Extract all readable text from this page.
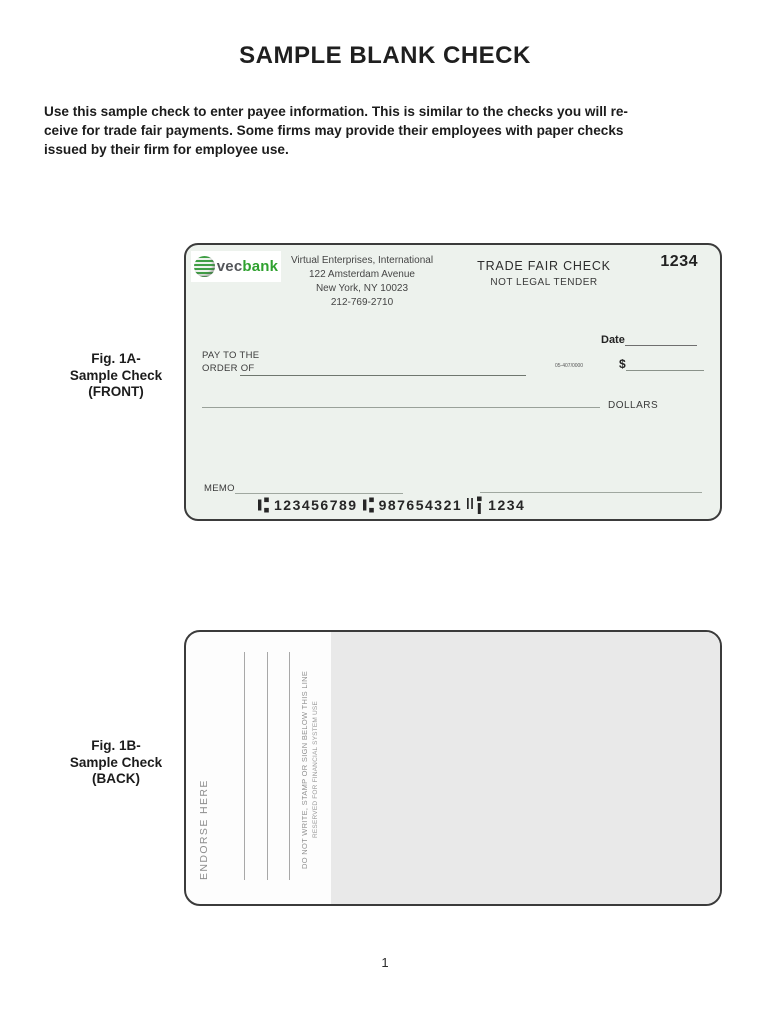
SAMPLE BLANK CHECK
Use this sample check to enter payee information. This is similar to the checks you will re-
ceive for trade fair payments. Some firms may provide their employees with paper checks
issued by their firm for employee use.
Fig. 1A-
Sample Check
(FRONT)
vecbank	Virtual Enterprises, International
122 Amsterdam Avenue
New York, NY 10023
212-769-2710
TRADE FAIR CHECK
NOT LEGAL TENDER
1234
Date
PAY TO THE
ORDER OF	05-407/0000	$
DOLLARS
MEMO
123456789 987654321 1234
Fig. 1B-
Sample Check
(BACK)
ENDORSE HERE	DO NOT WRITE, STAMP OR SIGN BELOW THIS LINE RESERVED FOR FINANCIAL SYSTEM USE
1
